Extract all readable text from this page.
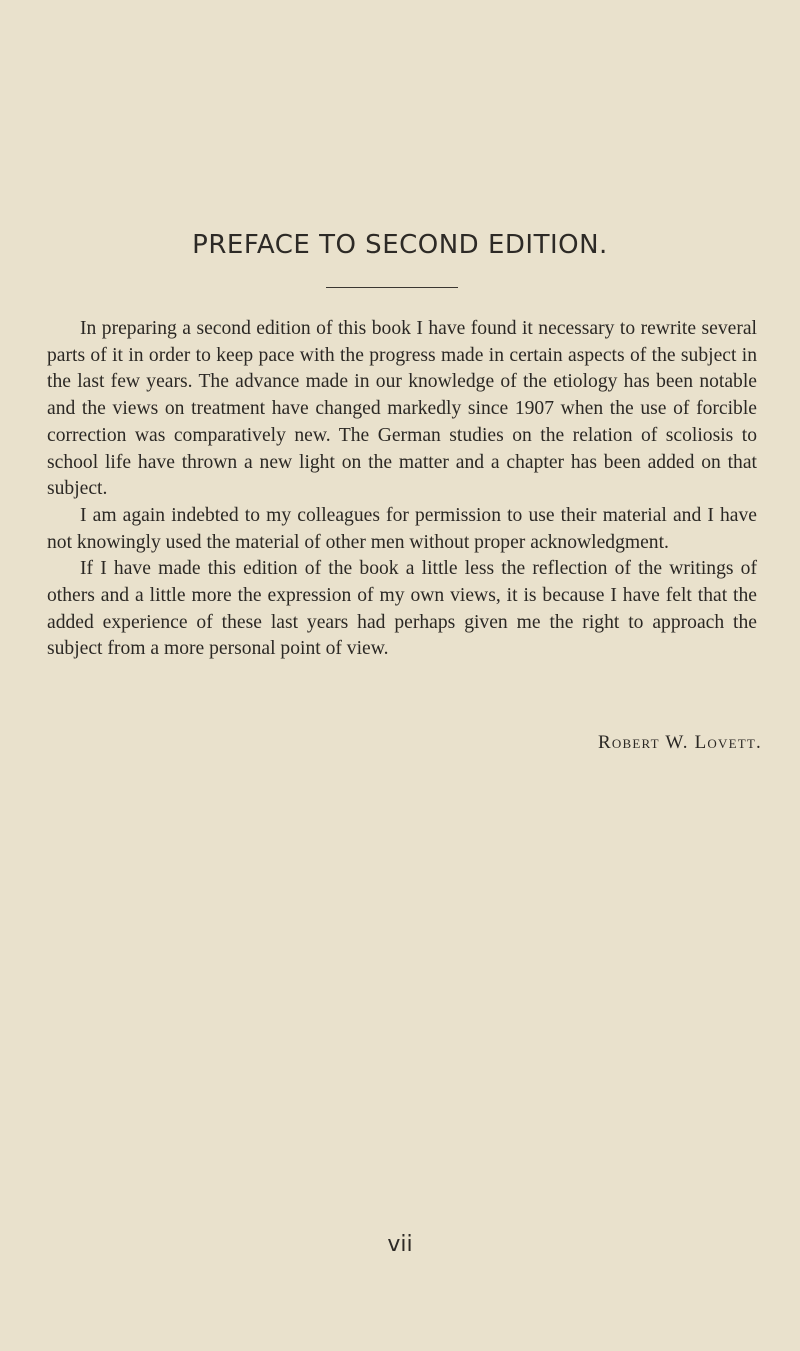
PREFACE TO SECOND EDITION.

In preparing a second edition of this book I have found it necessary to rewrite several parts of it in order to keep pace with the progress made in certain aspects of the subject in the last few years. The advance made in our knowledge of the etiology has been notable and the views on treatment have changed markedly since 1907 when the use of forcible correction was comparatively new. The German studies on the relation of scoliosis to school life have thrown a new light on the matter and a chapter has been added on that subject.

I am again indebted to my colleagues for permission to use their material and I have not knowingly used the material of other men without proper acknowledgment.

If I have made this edition of the book a little less the reflection of the writings of others and a little more the expression of my own views, it is because I have felt that the added experience of these last years had perhaps given me the right to approach the subject from a more personal point of view.

Robert W. Lovett.

vii
